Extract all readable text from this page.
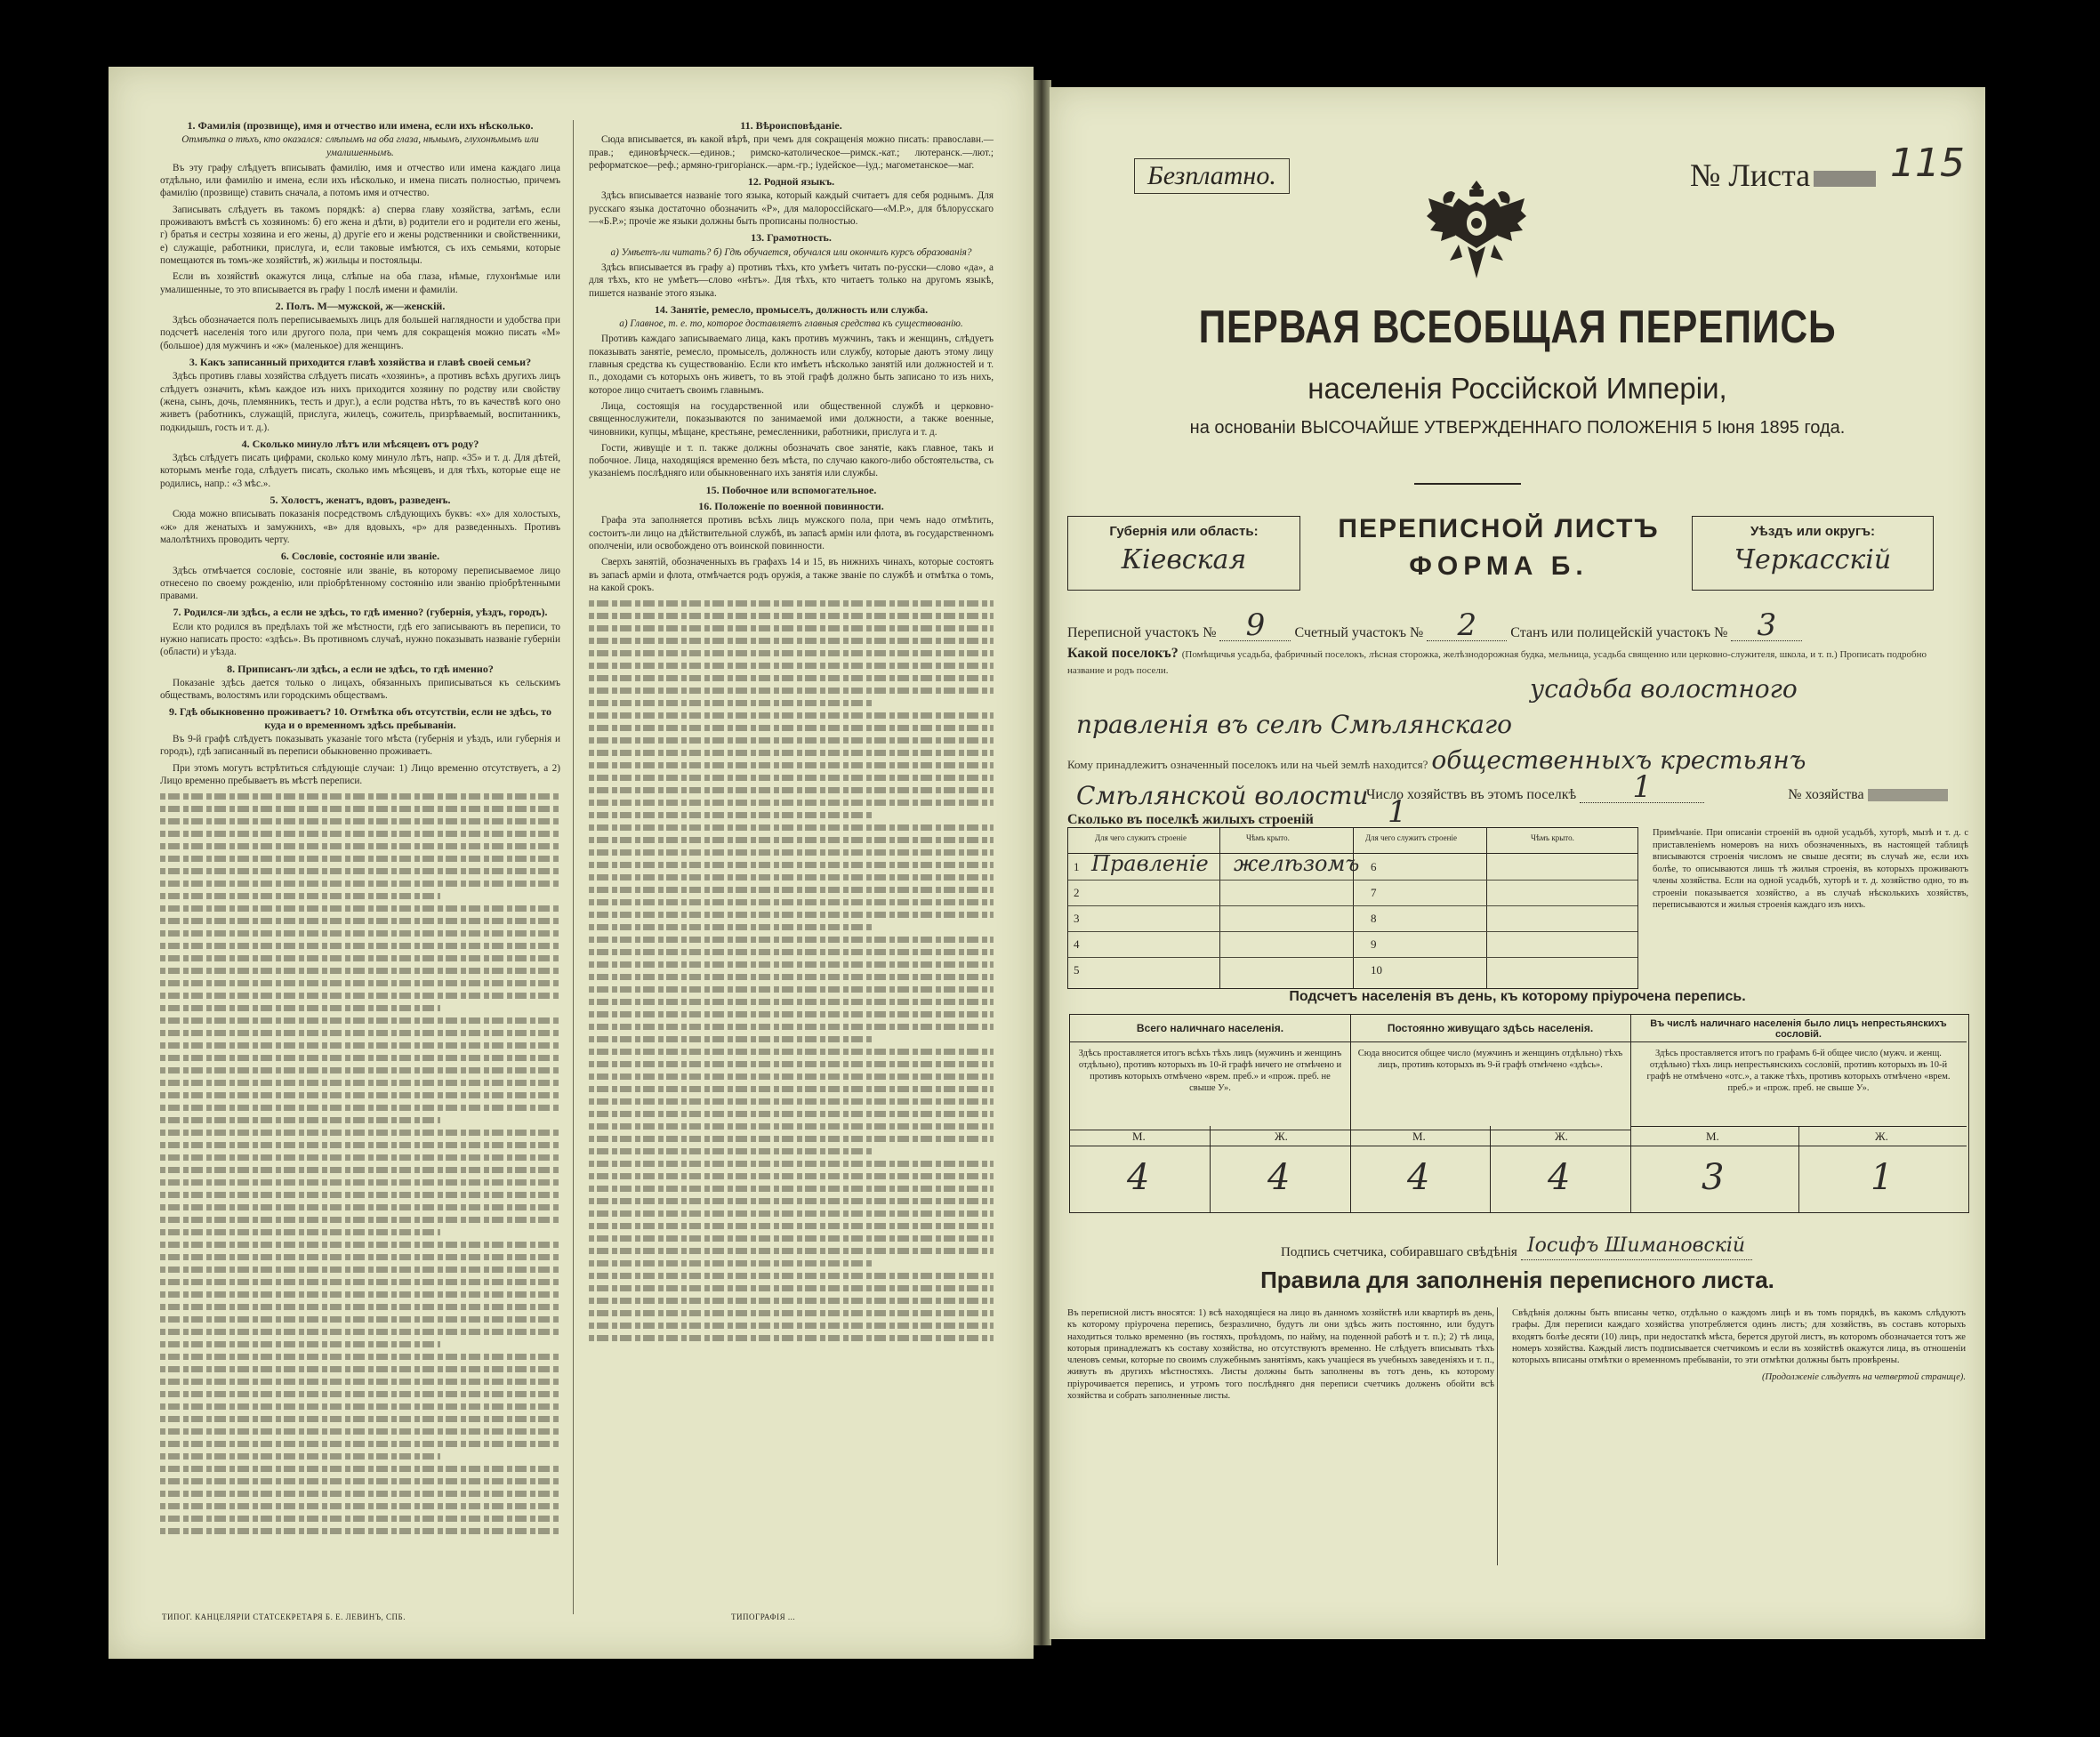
1. Фамилія (прозвище), имя и отчество или имена, если ихъ нѣсколько.
Отмѣтка о тѣхъ, кто оказался: слѣпымъ на оба глаза, нѣмымъ, глухонѣмымъ или умалишеннымъ.
Въ эту графу слѣдуетъ вписывать фамилію, имя и отчество или имена каждаго лица отдѣльно, или фамилію и имена, если ихъ нѣсколько, и имена писать полностью, причемъ фамилію (прозвище) ставить сначала, а потомъ имя и отчество.
Записывать слѣдуетъ въ такомъ порядкѣ: а) сперва главу хозяйства, затѣмъ, если проживаютъ вмѣстѣ съ хозяиномъ: б) его жена и дѣти, в) родители его и родители его жены, г) братья и сестры хозяина и его жены, д) другіе его и жены родственники и свойственники, е) служащіе, работники, прислуга, и, если таковые имѣются, съ ихъ семьями, которые помещаются въ томъ-же хозяйствѣ, ж) жильцы и постояльцы.
Если въ хозяйствѣ окажутся лица, слѣпые на оба глаза, нѣмые, глухонѣмые или умалишенные, то это вписывается въ графу 1 послѣ имени и фамиліи.
2. Полъ. М—мужской, ж—женскій.
Здѣсь обозначается полъ переписываемыхъ лицъ для большей наглядности и удобства при подсчетѣ населенія того или другого пола, при чемъ для сокращенія можно писать «М» (большое) для мужчинъ и «ж» (маленькое) для женщинъ.
3. Какъ записанный приходится главѣ хозяйства и главѣ своей семьи?
Здѣсь противъ главы хозяйства слѣдуетъ писать «хозяинъ», а противъ всѣхъ другихъ лицъ слѣдуетъ означить, кѣмъ каждое изъ нихъ приходится хозяину по родству или свойству (жена, сынъ, дочь, племянникъ, тесть и друг.), а если родства нѣтъ, то въ качествѣ кого оно живетъ (работникъ, служащій, прислуга, жилецъ, сожитель, призрѣваемый, воспитанникъ, подкидышъ, гость и т. д.).
4. Сколько минуло лѣтъ или мѣсяцевъ отъ роду?
Здѣсь слѣдуетъ писать цифрами, сколько кому минуло лѣтъ, напр. «35» и т. д. Для дѣтей, которымъ менѣе года, слѣдуетъ писать, сколько имъ мѣсяцевъ, и для тѣхъ, которые еще не родились, напр.: «3 мѣс.».
5. Холостъ, женатъ, вдовъ, разведенъ.
Сюда можно вписывать показанія посредствомъ слѣдующихъ буквъ: «х» для холостыхъ, «ж» для женатыхъ и замужнихъ, «в» для вдовыхъ, «р» для разведенныхъ. Противъ малолѣтнихъ проводить черту.
6. Сословіе, состояніе или званіе.
Здѣсь отмѣчается сословіе, состояніе или званіе, въ которому переписываемое лицо отнесено по своему рожденію, или пріобрѣтенному состоянію или званію пріобрѣтенными правами.
7. Родился-ли здѣсь, а если не здѣсь, то гдѣ именно? (губернія, уѣздъ, городъ).
Если кто родился въ предѣлахъ той же мѣстности, гдѣ его записываютъ въ переписи, то нужно написать просто: «здѣсь». Въ противномъ случаѣ, нужно показывать названіе губерніи (области) и уѣзда.
8. Приписанъ-ли здѣсь, а если не здѣсь, то гдѣ именно?
Показаніе здѣсь дается только о лицахъ, обязанныхъ приписываться къ сельскимъ обществамъ, волостямъ или городскимъ обществамъ.
9. Гдѣ обыкновенно проживаетъ? 10. Отмѣтка объ отсутствіи, если не здѣсь, то куда и о временномъ здѣсь пребываніи.
Въ 9-й графѣ слѣдуетъ показывать указаніе того мѣста (губернія и уѣздъ, или губернія и городъ), гдѣ записанный въ переписи обыкновенно проживаетъ.
При этомъ могутъ встрѣтиться слѣдующіе случаи: 1) Лицо временно отсутствуетъ, а 2) Лицо временно пребываетъ въ мѣстѣ переписи.
11. Вѣроисповѣданіе.
Сюда вписывается, въ какой вѣрѣ, при чемъ для сокращенія можно писать: православн.—прав.; единовѣрческ.—единов.; римско-католическое—римск.-кат.; лютеранск.—лют.; реформатское—реф.; армяно-григоріанск.—арм.-гр.; іудейское—іуд.; магометанское—маг.
12. Родной языкъ.
Здѣсь вписывается названіе того языка, который каждый считаетъ для себя роднымъ. Для русскаго языка достаточно обозначить «Р», для малороссійскаго—«М.Р.», для бѣлорусскаго—«Б.Р.»; прочіе же языки должны быть прописаны полностью.
13. Грамотность.
а) Умѣетъ-ли читать? б) Гдѣ обучается, обучался или окончилъ курсъ образованія?
Здѣсь вписывается въ графу а) противъ тѣхъ, кто умѣетъ читать по-русски—слово «да», а для тѣхъ, кто не умѣетъ—слово «нѣтъ». Для тѣхъ, кто читаетъ только на другомъ языкѣ, пишется названіе этого языка.
14. Занятіе, ремесло, промыселъ, должность или служба.
а) Главное, т. е. то, которое доставляетъ главныя средства къ существованію.
Противъ каждаго записываемаго лица, какъ противъ мужчинъ, такъ и женщинъ, слѣдуетъ показывать занятіе, ремесло, промыселъ, должность или службу, которые даютъ этому лицу главныя средства къ существованію. Если кто имѣетъ нѣсколько занятій или должностей и т. п., доходами съ которыхъ онъ живетъ, то въ этой графѣ должно быть записано то изъ нихъ, которое лицо считаетъ своимъ главнымъ.
Лица, состоящія на государственной или общественной службѣ и церковно-священнослужители, показываются по занимаемой ими должности, а также военные, чиновники, купцы, мѣщане, крестьяне, ремесленники, работники, прислуга и т. д.
Гости, живущіе и т. п. также должны обозначать свое занятіе, какъ главное, такъ и побочное. Лица, находящіяся временно безъ мѣста, по случаю какого-либо обстоятельства, съ указаніемъ послѣдняго или обыкновеннаго ихъ занятія или службы.
15. Побочное или вспомогательное.
16. Положеніе по военной повинности.
Графа эта заполняется противъ всѣхъ лицъ мужского пола, при чемъ надо отмѣтить, состоитъ-ли лицо на дѣйствительной службѣ, въ запасѣ армін или флота, въ государственномъ ополченіи, или освобождено отъ воинской повинности.
Сверхъ занятій, обозначенныхъ въ графахъ 14 и 15, въ нижнихъ чинахъ, которые состоятъ въ запасѣ арміи и флота, отмѣчается родъ оружія, а также званіе по службѣ и отмѣтка о томъ, на какой срокъ.
ТИПОГ. КАНЦЕЛЯРІИ СТАТСЕКРЕТАРЯ Б. Е. ЛЕВИНЪ, СПБ.	ТИПОГРАФІЯ ...
Безплатно.	№ Листа	115
ПЕРВАЯ ВСЕОБЩАЯ ПЕРЕПИСЬ
населенія Россійской Имперіи,
на основаніи ВЫСОЧАЙШЕ УТВЕРЖДЕННАГО ПОЛОЖЕНІЯ 5 Іюня 1895 года.
Губернія или область:
Кіевская
ПЕРЕПИСНОЙ ЛИСТЪ
ФОРМА Б.
Уѣздъ или округъ:
Черкасскій
Переписной участокъ № 9 Счетный участокъ № 2 Станъ или полицейскій участокъ № 3
Какой поселокъ? (Помѣщичья усадьба, фабричный поселокъ, лѣсная сторожка, желѣзнодорожная будка, мельница, усадьба священно или церковно-служителя, школа, и т. п.) Прописать подробно название и родъ посели.
усадьба волостного
правленія въ селѣ Смѣлянскаго
Кому принадлежитъ означенный поселокъ или на чьей землѣ находится? общественныхъ крестьянъ
Смѣлянской волости
Число хозяйствъ въ этомъ поселкѣ 1	№ хозяйства
Сколько въ поселкѣ жилыхъ строеній 1
Для чего служитъ строеніе	Чѣмъ крыто.
1 Правленіе желѣзомъ
2
3
4
5
Для чего служитъ строеніе	Чѣмъ крыто.
6
7
8
9
10
Примѣчаніе. При описаніи строеній въ одной усадьбѣ, хуторѣ, мызѣ и т. д. с приставленіемъ номеровъ на нихъ обозначенныхъ, въ настоящей таблицѣ вписываются строенія числомъ не свыше десяти; въ случаѣ же, если ихъ болѣе, то описываются лишь тѣ жилыя строенія, въ которыхъ проживаютъ члены хозяйства. Если на одной усадьбѣ, хуторѣ и т. д. хозяйство одно, то въ строеніи показывается хозяйство, а въ случаѣ нѣсколькихъ хозяйствъ, переписываются и жилыя строенія каждаго изъ нихъ.
Подсчетъ населенія въ день, къ которому пріурочена перепись.
Всего наличнаго населенія.
Здѣсь проставляется итогъ всѣхъ тѣхъ лицъ (мужчинъ и женщинъ отдѣльно), противъ которыхъ въ 10-й графѣ ничего не отмѣчено и противъ которыхъ отмѣчено «врем. преб.» и «прож. преб. не свыше У».
М.	Ж.
4	4
Постоянно живущаго здѣсь населенія.
Сюда вносится общее число (мужчинъ и женщинъ отдѣльно) тѣхъ лицъ, противъ которыхъ въ 9-й графѣ отмѣчено «здѣсь».
М.	Ж.
4	4
Въ числѣ наличнаго населенія было лицъ непрестьянскихъ сословій.
Здѣсь проставляется итогъ по графамъ 6-й общее число (мужч. и женщ. отдѣльно) тѣхъ лицъ непрестьянскихъ сословій, противъ которыхъ въ 10-й графѣ не отмѣчено «отс.», а также тѣхъ, противъ которыхъ отмѣчено «врем. преб.» и «прож. преб. не свыше У».
М.	Ж.
3	1
Подпись счетчика, собиравшаго свѣдѣнія Іосифъ Шимановскій
Правила для заполненія переписного листа.
Въ переписной листъ вносятся: 1) всѣ находящіеся на лицо въ данномъ хозяйствѣ или квартирѣ въ день, къ которому пріурочена перепись, безразлично, будутъ ли они здѣсь жить постоянно, или будутъ находиться только временно (въ гостяхъ, проѣздомъ, по найму, на поденной работѣ и т. п.); 2) тѣ лица, которыя принадлежатъ къ составу хозяйства, но отсутствуютъ временно. Не слѣдуетъ вписывать тѣхъ членовъ семьи, которые по своимъ служебнымъ занятіямъ, какъ учащіеся въ учебныхъ заведеніяхъ и т. п., живутъ въ другихъ мѣстностяхъ. Листы должны быть заполнены въ тотъ день, къ которому пріурочивается перепись, и утромъ того послѣдняго дня переписи счетчикъ долженъ обойти всѣ хозяйства и собрать заполненные листы.
Свѣдѣнія должны быть вписаны четко, отдѣльно о каждомъ лицѣ и въ томъ порядкѣ, въ какомъ слѣдуютъ графы. Для переписи каждаго хозяйства употребляется одинъ листъ; для хозяйствъ, въ составъ которыхъ входятъ болѣе десяти (10) лицъ, при недостаткѣ мѣста, берется другой листъ, въ которомъ обозначается тотъ же номеръ хозяйства. Каждый листъ подписывается счетчикомъ и если въ хозяйствѣ окажутся лица, въ отношеніи которыхъ вписаны отмѣтки о временномъ пребываніи, то эти отмѣтки должны быть провѣрены.
(Продолженіе слѣдуетъ на четвертой странице).
